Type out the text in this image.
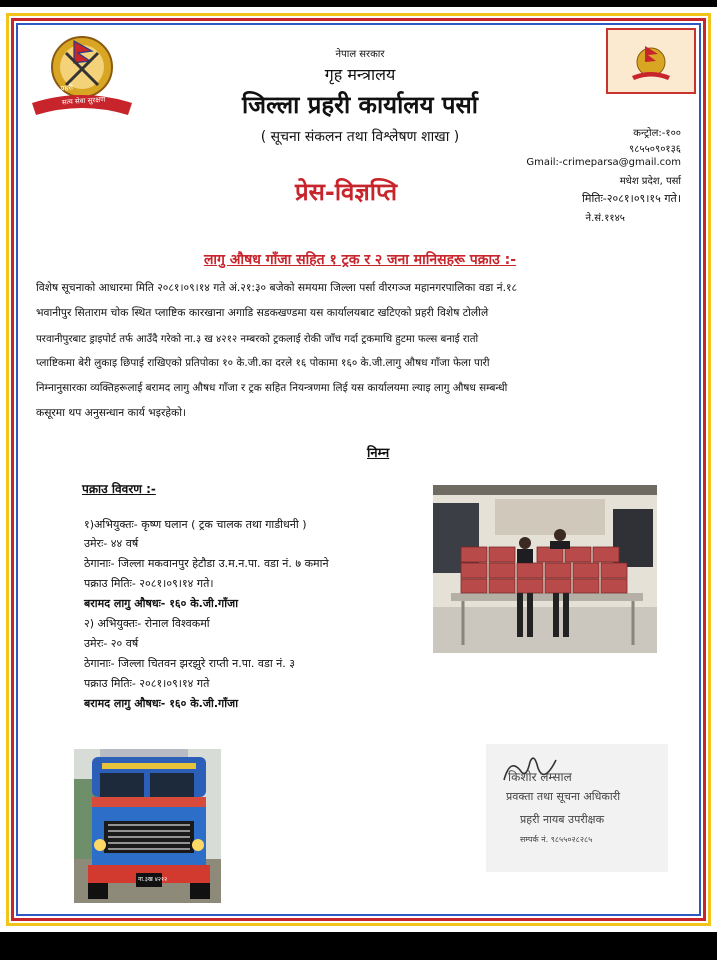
नेपाल प्रहरी
सत्य सेवा सुरक्षण
नेपाल सरकार
गृह मन्त्रालय
जिल्ला प्रहरी कार्यालय पर्सा
( सूचना संकलन तथा विश्लेषण शाखा )
प्रेस-विज्ञप्ति
कन्ट्रोल:-१००
९८५५०९०१३६
Gmail:-crimeparsa@gmail.com
मधेश प्रदेश, पर्सा
मितिः-२०८१।०९।१५ गते।
ने.सं.११४५
लागु औषध गाँजा सहित १ ट्रक र २ जना मानिसहरू पक्राउ :-
विशेष सूचनाको आधारमा मिति २०८१।०९।१४ गते अं.२१:३० बजेको समयमा जिल्ला पर्सा वीरगञ्ज महानगरपालिका वडा नं.१८
भवानीपुर सिताराम चोक स्थित प्लाष्टिक कारखाना अगाडि सडकखण्डमा यस कार्यालयबाट खटिएको प्रहरी विशेष टोलीले
परवानीपुरबाट ड्राइपोर्ट तर्फ आउँदै गरेको ना.३ ख ४२१२ नम्बरको ट्रकलाई रोकी जाँच गर्दा ट्रकमाथि हुटमा फल्स बनाई रातो
प्लाष्टिकमा बेरी लुकाइ छिपाई राखिएको प्रतिपोका १० के.जी.का दरले १६ पोकामा १६० के.जी.लागु औषध गाँजा फेला पारी
निम्नानुसारका व्यक्तिहरूलाई बरामद लागु औषध गाँजा र ट्रक सहित नियन्त्रणमा लिई यस कार्यालयमा ल्याइ लागु औषध सम्बन्धी
कसूरमा थप अनुसन्धान कार्य भइरहेको।
निम्न
पक्राउ विवरण :-
१)अभियुक्तः- कृष्ण घलान ( ट्रक चालक तथा गाडीधनी )
उमेरः- ४४ वर्ष
ठेगानाः- जिल्ला मकवानपुर हेटौडा उ.म.न.पा. वडा नं. ७ कमाने
पक्राउ मितिः- २०८१।०९।१४ गते।
बरामद लागु औषधः- १६० के.जी.गाँजा
२) अभियुक्तः- रोनाल विश्वकर्मा
उमेरः- २० वर्ष
ठेगानाः- जिल्ला चितवन झरझुरे राप्ती न.पा. वडा नं. ३
पक्राउ मितिः- २०८१।०९।१४ गते
बरामद लागु औषधः- १६० के.जी.गाँजा
ना.३ख ४२१२
किशोर लम्साल
प्रवक्ता तथा सूचना अधिकारी
प्रहरी नायब उपरीक्षक
सम्पर्क नं. ९८५५०२८२८५
